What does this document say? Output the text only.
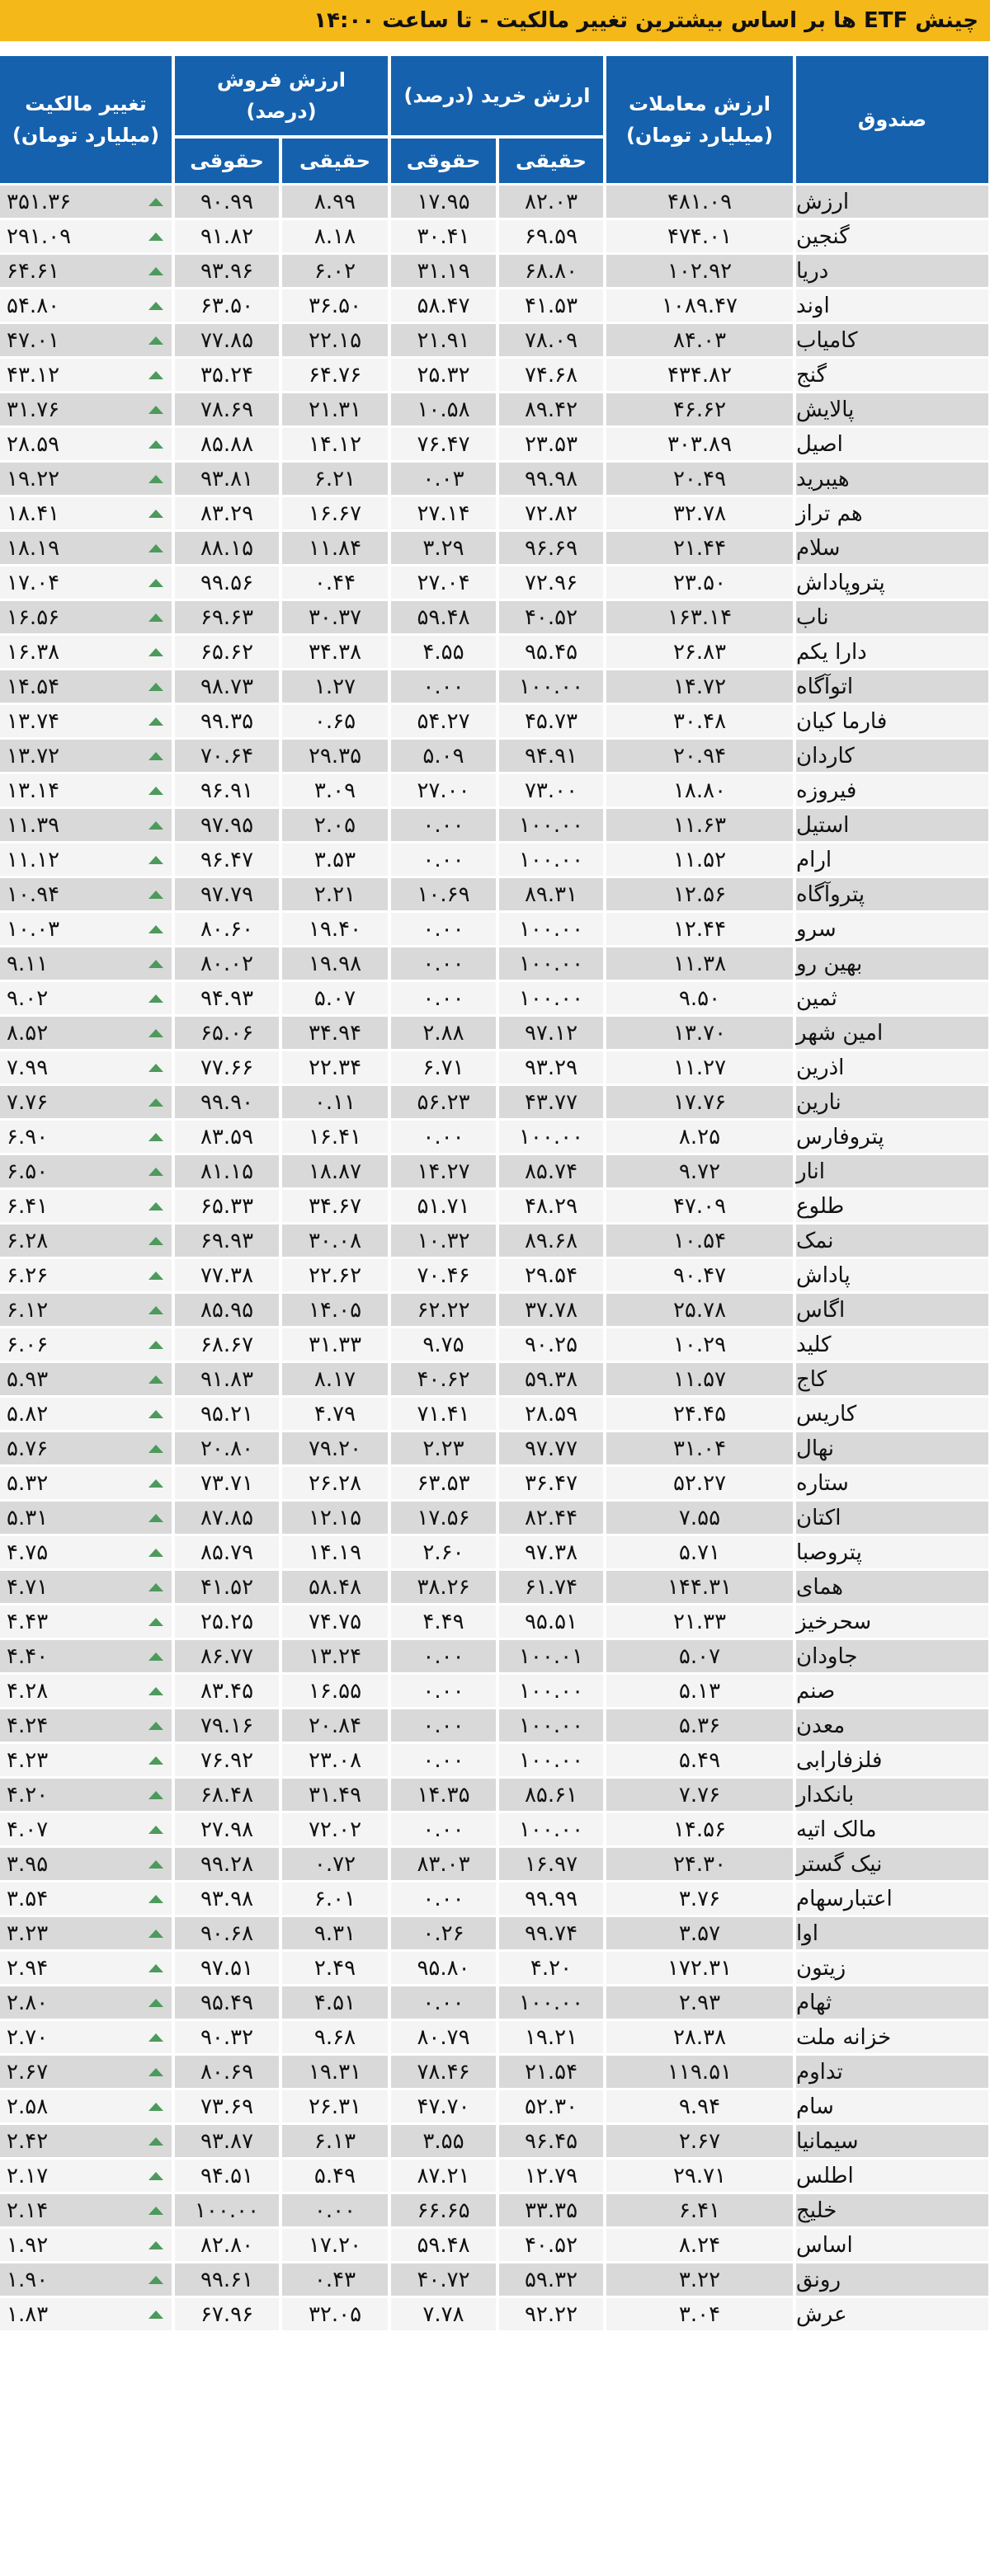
چینش ETF ها بر اساس بیشترین تغییر مالکیت - تا ساعت ۱۴:۰۰
صندوق
ارزش معاملات
(میلیارد تومان)
ارزش خرید (درصد)
حقیقی
حقوقی
ارزش فروش
(درصد)
حقیقی
حقوقی
تغییر مالکیت
(میلیارد تومان)
ارزش
۴۸۱.۰۹
۸۲.۰۳
۱۷.۹۵
۸.۹۹
۹۰.۹۹
۳۵۱.۳۶
گنجین
۴۷۴.۰۱
۶۹.۵۹
۳۰.۴۱
۸.۱۸
۹۱.۸۲
۲۹۱.۰۹
دریا
۱۰۲.۹۲
۶۸.۸۰
۳۱.۱۹
۶.۰۲
۹۳.۹۶
۶۴.۶۱
اوند
۱۰۸۹.۴۷
۴۱.۵۳
۵۸.۴۷
۳۶.۵۰
۶۳.۵۰
۵۴.۸۰
کامیاب
۸۴.۰۳
۷۸.۰۹
۲۱.۹۱
۲۲.۱۵
۷۷.۸۵
۴۷.۰۱
گنج
۴۳۴.۸۲
۷۴.۶۸
۲۵.۳۲
۶۴.۷۶
۳۵.۲۴
۴۳.۱۲
پالایش
۴۶.۶۲
۸۹.۴۲
۱۰.۵۸
۲۱.۳۱
۷۸.۶۹
۳۱.۷۶
اصیل
۳۰۳.۸۹
۲۳.۵۳
۷۶.۴۷
۱۴.۱۲
۸۵.۸۸
۲۸.۵۹
هیبرید
۲۰.۴۹
۹۹.۹۸
۰.۰۳
۶.۲۱
۹۳.۸۱
۱۹.۲۲
هم تراز
۳۲.۷۸
۷۲.۸۲
۲۷.۱۴
۱۶.۶۷
۸۳.۲۹
۱۸.۴۱
سلام
۲۱.۴۴
۹۶.۶۹
۳.۲۹
۱۱.۸۴
۸۸.۱۵
۱۸.۱۹
پتروپاداش
۲۳.۵۰
۷۲.۹۶
۲۷.۰۴
۰.۴۴
۹۹.۵۶
۱۷.۰۴
ناب
۱۶۳.۱۴
۴۰.۵۲
۵۹.۴۸
۳۰.۳۷
۶۹.۶۳
۱۶.۵۶
دارا یکم
۲۶.۸۳
۹۵.۴۵
۴.۵۵
۳۴.۳۸
۶۵.۶۲
۱۶.۳۸
اتوآگاه
۱۴.۷۲
۱۰۰.۰۰
۰.۰۰
۱.۲۷
۹۸.۷۳
۱۴.۵۴
فارما کیان
۳۰.۴۸
۴۵.۷۳
۵۴.۲۷
۰.۶۵
۹۹.۳۵
۱۳.۷۴
کاردان
۲۰.۹۴
۹۴.۹۱
۵.۰۹
۲۹.۳۵
۷۰.۶۴
۱۳.۷۲
فیروزه
۱۸.۸۰
۷۳.۰۰
۲۷.۰۰
۳.۰۹
۹۶.۹۱
۱۳.۱۴
استیل
۱۱.۶۳
۱۰۰.۰۰
۰.۰۰
۲.۰۵
۹۷.۹۵
۱۱.۳۹
ارام
۱۱.۵۲
۱۰۰.۰۰
۰.۰۰
۳.۵۳
۹۶.۴۷
۱۱.۱۲
پتروآگاه
۱۲.۵۶
۸۹.۳۱
۱۰.۶۹
۲.۲۱
۹۷.۷۹
۱۰.۹۴
سرو
۱۲.۴۴
۱۰۰.۰۰
۰.۰۰
۱۹.۴۰
۸۰.۶۰
۱۰.۰۳
بهین رو
۱۱.۳۸
۱۰۰.۰۰
۰.۰۰
۱۹.۹۸
۸۰.۰۲
۹.۱۱
ثمین
۹.۵۰
۱۰۰.۰۰
۰.۰۰
۵.۰۷
۹۴.۹۳
۹.۰۲
امین شهر
۱۳.۷۰
۹۷.۱۲
۲.۸۸
۳۴.۹۴
۶۵.۰۶
۸.۵۲
اذرین
۱۱.۲۷
۹۳.۲۹
۶.۷۱
۲۲.۳۴
۷۷.۶۶
۷.۹۹
نارین
۱۷.۷۶
۴۳.۷۷
۵۶.۲۳
۰.۱۱
۹۹.۹۰
۷.۷۶
پتروفارس
۸.۲۵
۱۰۰.۰۰
۰.۰۰
۱۶.۴۱
۸۳.۵۹
۶.۹۰
انار
۹.۷۲
۸۵.۷۴
۱۴.۲۷
۱۸.۸۷
۸۱.۱۵
۶.۵۰
طلوع
۴۷.۰۹
۴۸.۲۹
۵۱.۷۱
۳۴.۶۷
۶۵.۳۳
۶.۴۱
نمک
۱۰.۵۴
۸۹.۶۸
۱۰.۳۲
۳۰.۰۸
۶۹.۹۳
۶.۲۸
پاداش
۹۰.۴۷
۲۹.۵۴
۷۰.۴۶
۲۲.۶۲
۷۷.۳۸
۶.۲۶
اگاس
۲۵.۷۸
۳۷.۷۸
۶۲.۲۲
۱۴.۰۵
۸۵.۹۵
۶.۱۲
کلید
۱۰.۲۹
۹۰.۲۵
۹.۷۵
۳۱.۳۳
۶۸.۶۷
۶.۰۶
کاج
۱۱.۵۷
۵۹.۳۸
۴۰.۶۲
۸.۱۷
۹۱.۸۳
۵.۹۳
کاریس
۲۴.۴۵
۲۸.۵۹
۷۱.۴۱
۴.۷۹
۹۵.۲۱
۵.۸۲
نهال
۳۱.۰۴
۹۷.۷۷
۲.۲۳
۷۹.۲۰
۲۰.۸۰
۵.۷۶
ستاره
۵۲.۲۷
۳۶.۴۷
۶۳.۵۳
۲۶.۲۸
۷۳.۷۱
۵.۳۲
اکتان
۷.۵۵
۸۲.۴۴
۱۷.۵۶
۱۲.۱۵
۸۷.۸۵
۵.۳۱
پتروصبا
۵.۷۱
۹۷.۳۸
۲.۶۰
۱۴.۱۹
۸۵.۷۹
۴.۷۵
همای
۱۴۴.۳۱
۶۱.۷۴
۳۸.۲۶
۵۸.۴۸
۴۱.۵۲
۴.۷۱
سحرخیز
۲۱.۳۳
۹۵.۵۱
۴.۴۹
۷۴.۷۵
۲۵.۲۵
۴.۴۳
جاودان
۵.۰۷
۱۰۰.۰۱
۰.۰۰
۱۳.۲۴
۸۶.۷۷
۴.۴۰
صنم
۵.۱۳
۱۰۰.۰۰
۰.۰۰
۱۶.۵۵
۸۳.۴۵
۴.۲۸
معدن
۵.۳۶
۱۰۰.۰۰
۰.۰۰
۲۰.۸۴
۷۹.۱۶
۴.۲۴
فلزفارابی
۵.۴۹
۱۰۰.۰۰
۰.۰۰
۲۳.۰۸
۷۶.۹۲
۴.۲۳
بانکدار
۷.۷۶
۸۵.۶۱
۱۴.۳۵
۳۱.۴۹
۶۸.۴۸
۴.۲۰
مالک اتیه
۱۴.۵۶
۱۰۰.۰۰
۰.۰۰
۷۲.۰۲
۲۷.۹۸
۴.۰۷
نیک گستر
۲۴.۳۰
۱۶.۹۷
۸۳.۰۳
۰.۷۲
۹۹.۲۸
۳.۹۵
اعتبارسهام
۳.۷۶
۹۹.۹۹
۰.۰۰
۶.۰۱
۹۳.۹۸
۳.۵۴
اوا
۳.۵۷
۹۹.۷۴
۰.۲۶
۹.۳۱
۹۰.۶۸
۳.۲۳
زیتون
۱۷۲.۳۱
۴.۲۰
۹۵.۸۰
۲.۴۹
۹۷.۵۱
۲.۹۴
ثهام
۲.۹۳
۱۰۰.۰۰
۰.۰۰
۴.۵۱
۹۵.۴۹
۲.۸۰
خزانه ملت
۲۸.۳۸
۱۹.۲۱
۸۰.۷۹
۹.۶۸
۹۰.۳۲
۲.۷۰
تداوم
۱۱۹.۵۱
۲۱.۵۴
۷۸.۴۶
۱۹.۳۱
۸۰.۶۹
۲.۶۷
سام
۹.۹۴
۵۲.۳۰
۴۷.۷۰
۲۶.۳۱
۷۳.۶۹
۲.۵۸
سیمانیا
۲.۶۷
۹۶.۴۵
۳.۵۵
۶.۱۳
۹۳.۸۷
۲.۴۲
اطلس
۲۹.۷۱
۱۲.۷۹
۸۷.۲۱
۵.۴۹
۹۴.۵۱
۲.۱۷
خلیج
۶.۴۱
۳۳.۳۵
۶۶.۶۵
۰.۰۰
۱۰۰.۰۰
۲.۱۴
اساس
۸.۲۴
۴۰.۵۲
۵۹.۴۸
۱۷.۲۰
۸۲.۸۰
۱.۹۲
رونق
۳.۲۲
۵۹.۳۲
۴۰.۷۲
۰.۴۳
۹۹.۶۱
۱.۹۰
عرش
۳.۰۴
۹۲.۲۲
۷.۷۸
۳۲.۰۵
۶۷.۹۶
۱.۸۳
